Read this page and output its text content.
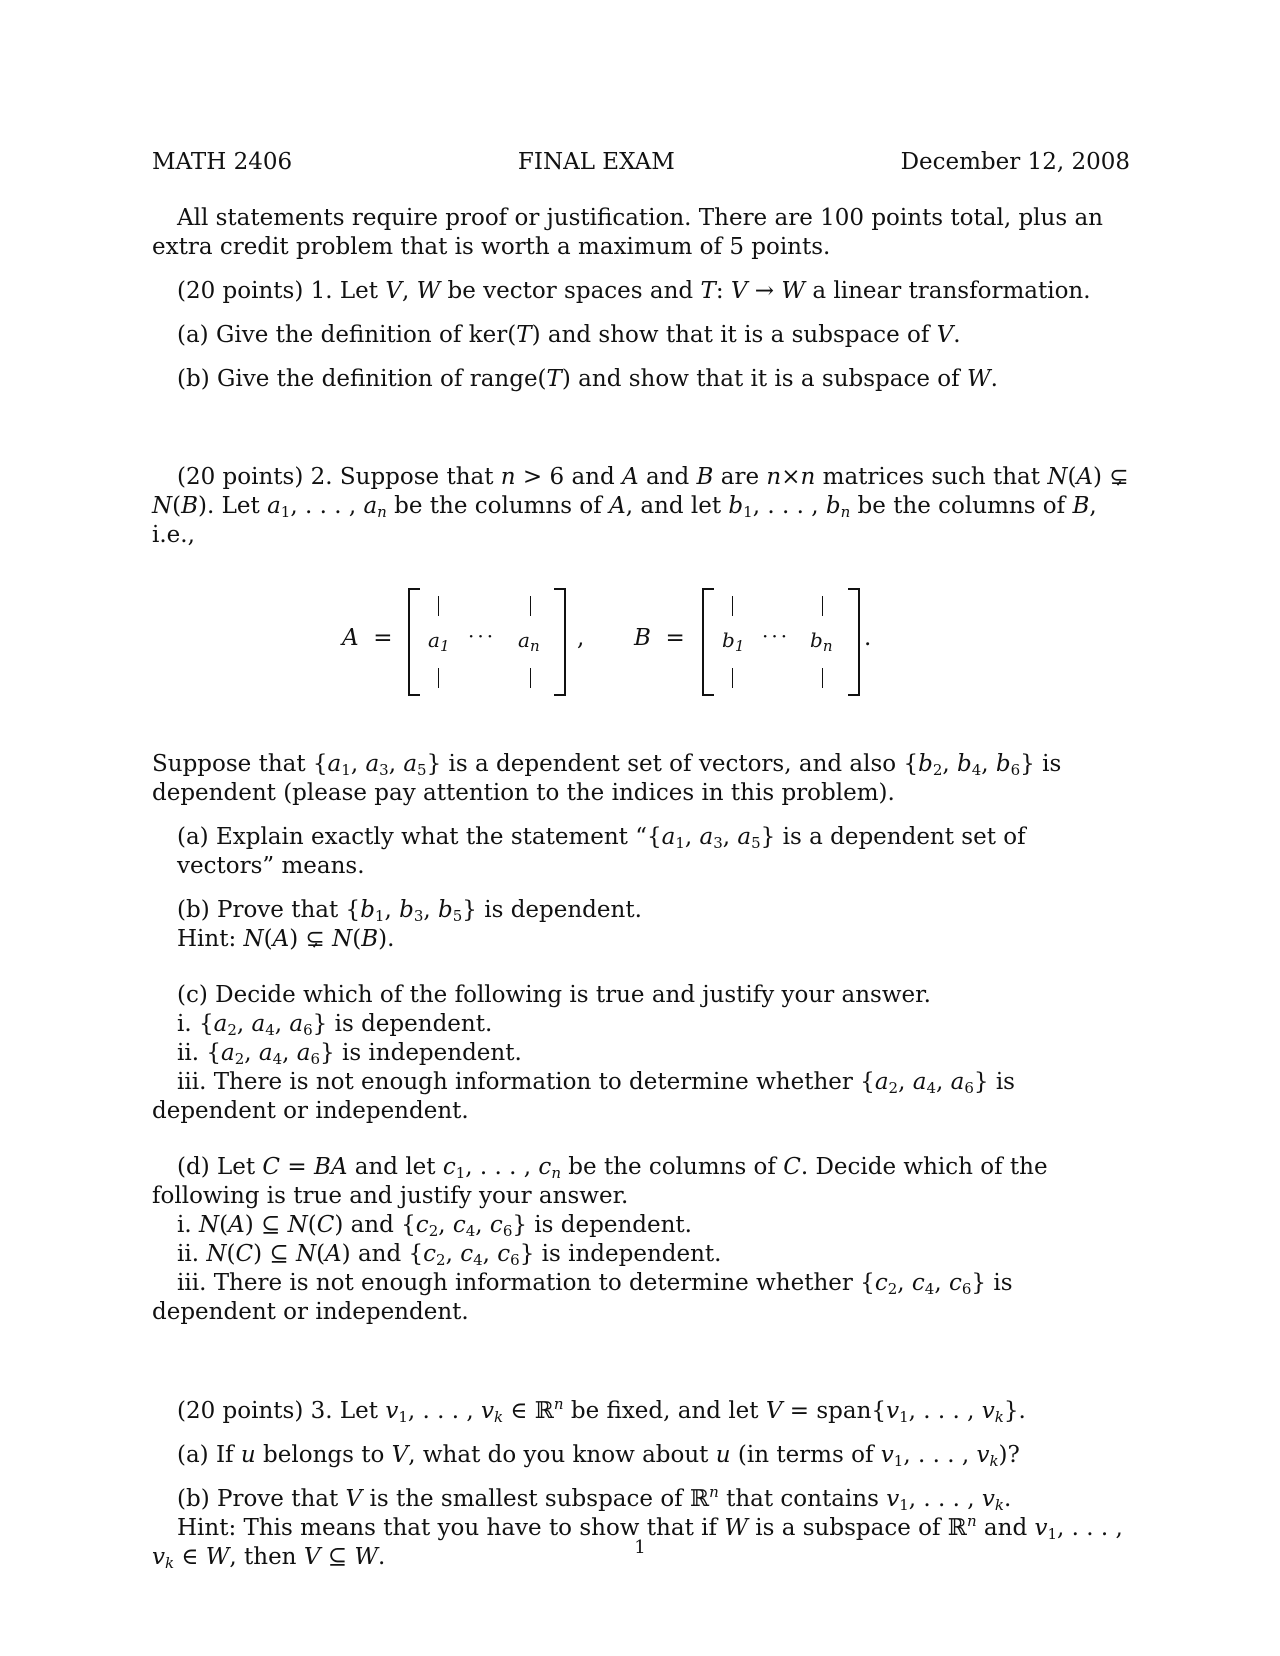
MATH 2406	FINAL EXAM	December 12, 2008

All statements require proof or justification. There are 100 points total, plus an extra credit problem that is worth a maximum of 5 points.

(20 points) 1. Let V, W be vector spaces and T: V → W a linear transformation.

(a) Give the definition of ker(T) and show that it is a subspace of V.

(b) Give the definition of range(T) and show that it is a subspace of W.

(20 points) 2. Suppose that n > 6 and A and B are n×n matrices such that N(A) ⊊ N(B). Let $a_1$, . . . , $a_n$ be the columns of A, and let $b_1$, . . . , $b_n$ be the columns of B, i.e.,

$A = a_1$ ··· $a_n$ , $B = b_1$ ··· $b_n$ .

Suppose that {$a_1$, $a_3$, $a_5$} is a dependent set of vectors, and also {$b_2$, $b_4$, $b_6$} is dependent (please pay attention to the indices in this problem).

(a) Explain exactly what the statement “{$a_1$, $a_3$, $a_5$} is a dependent set of vectors” means.

(b) Prove that {$b_1$, $b_3$, $b_5$} is dependent.

Hint: N(A) ⊊ N(B).

(c) Decide which of the following is true and justify your answer.

i. {$a_2$, $a_4$, $a_6$} is dependent.

ii. {$a_2$, $a_4$, $a_6$} is independent.

iii. There is not enough information to determine whether {$a_2$, $a_4$, $a_6$} is dependent or independent.

(d) Let C = BA and let $c_1$, . . . , $c_n$ be the columns of C. Decide which of the following is true and justify your answer.

i. N(A) ⊆ N(C) and {$c_2$, $c_4$, $c_6$} is dependent.

ii. N(C) ⊆ N(A) and {$c_2$, $c_4$, $c_6$} is independent.

iii. There is not enough information to determine whether {$c_2$, $c_4$, $c_6$} is dependent or independent.

(20 points) 3. Let $v_1$, . . . , $v_k$ ∈ ℝ$^n$ be fixed, and let $V = span\{v_1$, . . . , $v_k$}.

(a) If u belongs to V, what do you know about u (in terms of $v_1$, . . . , $v_k$)?

(b) Prove that V is the smallest subspace of ℝ$^n$ that contains $v_1$, . . . , $v_k$.

Hint: This means that you have to show that if W is a subspace of ℝ$^n$ and $v_1$, . . . , $v_k$ ∈ W, then V ⊆ W.	1
